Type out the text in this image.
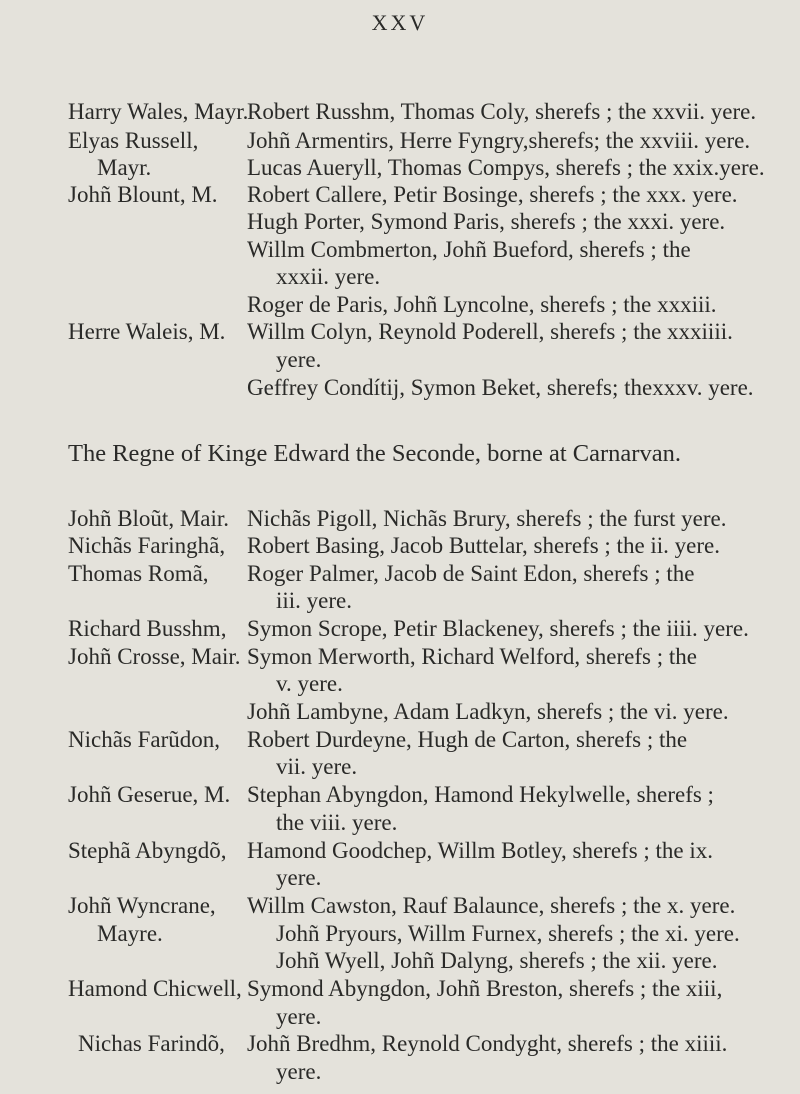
XXV
Harry Wales, Mayr.
Robert Russhm, Thomas Coly, sherefs ; the xxvii. yere.
Elyas Russell,
Mayr.
Johñ Blount, M.
Herre Waleis, M.
Johñ Armentirs, Herre Fyngry,sherefs; the xxviii. yere.
Lucas Aueryll, Thomas Compys, sherefs ; the xxix.yere.
Robert Callere, Petir Bosinge, sherefs ; the xxx. yere.
Hugh Porter, Symond Paris, sherefs ; the xxxi. yere.
Willm Combmerton, Johñ Bueford, sherefs ; the
xxxii. yere.
Roger de Paris, Johñ Lyncolne, sherefs ; the xxxiii.
Willm Colyn, Reynold Poderell, sherefs ; the xxxiiii.
yere.
Geffrey Condítij, Symon Beket, sherefs; thexxxv. yere.
The Regne of Kinge Edward the Seconde, borne at Carnarvan.
Johñ Bloũt, Mair.
Nichãs Faringhã,
Thomas Romã,
Richard Busshm,
Johñ Crosse, Mair.
Nichãs Farũdon,
Johñ Geserue, M.
Stephã Abyngdõ,
Johñ Wyncrane,
Mayre.
Hamond Chicwell,
Nichas Farindõ,
Nichãs Pigoll, Nichãs Brury, sherefs ; the furst yere.
Robert Basing, Jacob Buttelar, sherefs ; the ii. yere.
Roger Palmer, Jacob de Saint Edon, sherefs ; the
iii. yere.
Symon Scrope, Petir Blackeney, sherefs ; the iiii. yere.
Symon Merworth, Richard Welford, sherefs ; the
v. yere.
Johñ Lambyne, Adam Ladkyn, sherefs ; the vi. yere.
Robert Durdeyne, Hugh de Carton, sherefs ; the
vii. yere.
Stephan Abyngdon, Hamond Hekylwelle, sherefs ;
the viii. yere.
Hamond Goodchep, Willm Botley, sherefs ; the ix.
yere.
Willm Cawston, Rauf Balaunce, sherefs ; the x. yere.
Johñ Pryours, Willm Furnex, sherefs ; the xi. yere.
Johñ Wyell, Johñ Dalyng, sherefs ; the xii. yere.
Symond Abyngdon, Johñ Breston, sherefs ; the xiii,
yere.
Johñ Bredhm, Reynold Condyght, sherefs ; the xiiii.
yere.
